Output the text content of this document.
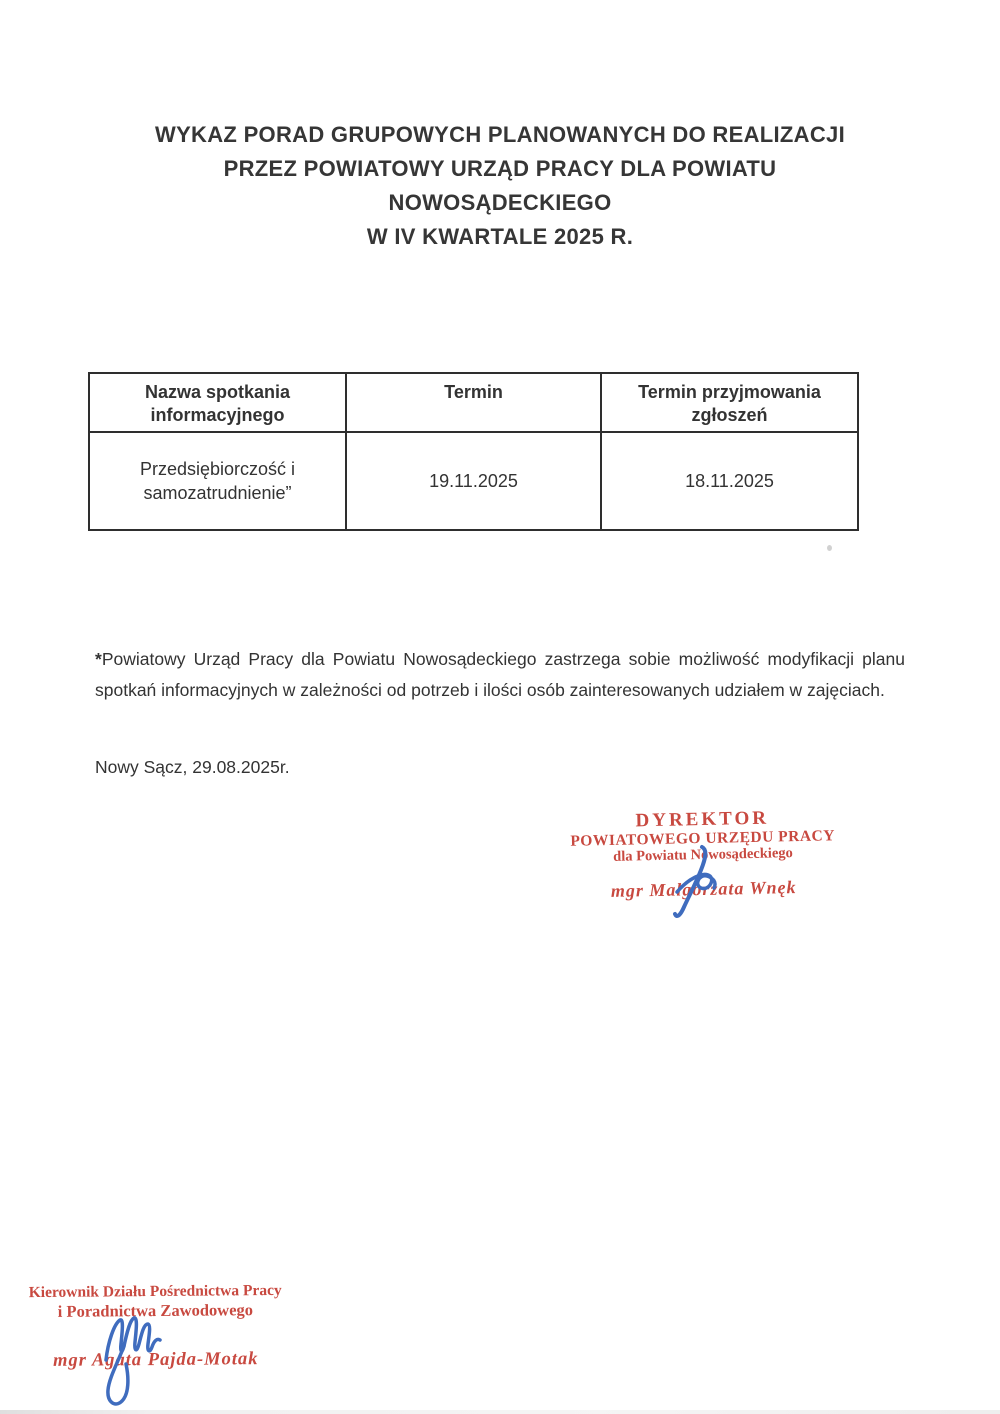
WYKAZ PORAD GRUPOWYCH PLANOWANYCH DO REALIZACJI
PRZEZ POWIATOWY URZĄD PRACY DLA POWIATU
NOWOSĄDECKIEGO
W IV KWARTALE 2025 R.
Nazwa spotkania informacyjnego	Termin	Termin przyjmowania zgłoszeń
Przedsiębiorczość i samozatrudnienie”	19.11.2025	18.11.2025
*Powiatowy Urząd Pracy dla Powiatu Nowosądeckiego zastrzega sobie możliwość modyfikacji planu spotkań informacyjnych w zależności od potrzeb i ilości osób zainteresowanych udziałem w zajęciach.
Nowy Sącz, 29.08.2025r.
DYREKTOR
POWIATOWEGO URZĘDU PRACY
dla Powiatu Nowosądeckiego
mgr Małgorzata Wnęk
Kierownik Działu Pośrednictwa Pracy
i Poradnictwa Zawodowego
mgr Agata Pajda-Motak
